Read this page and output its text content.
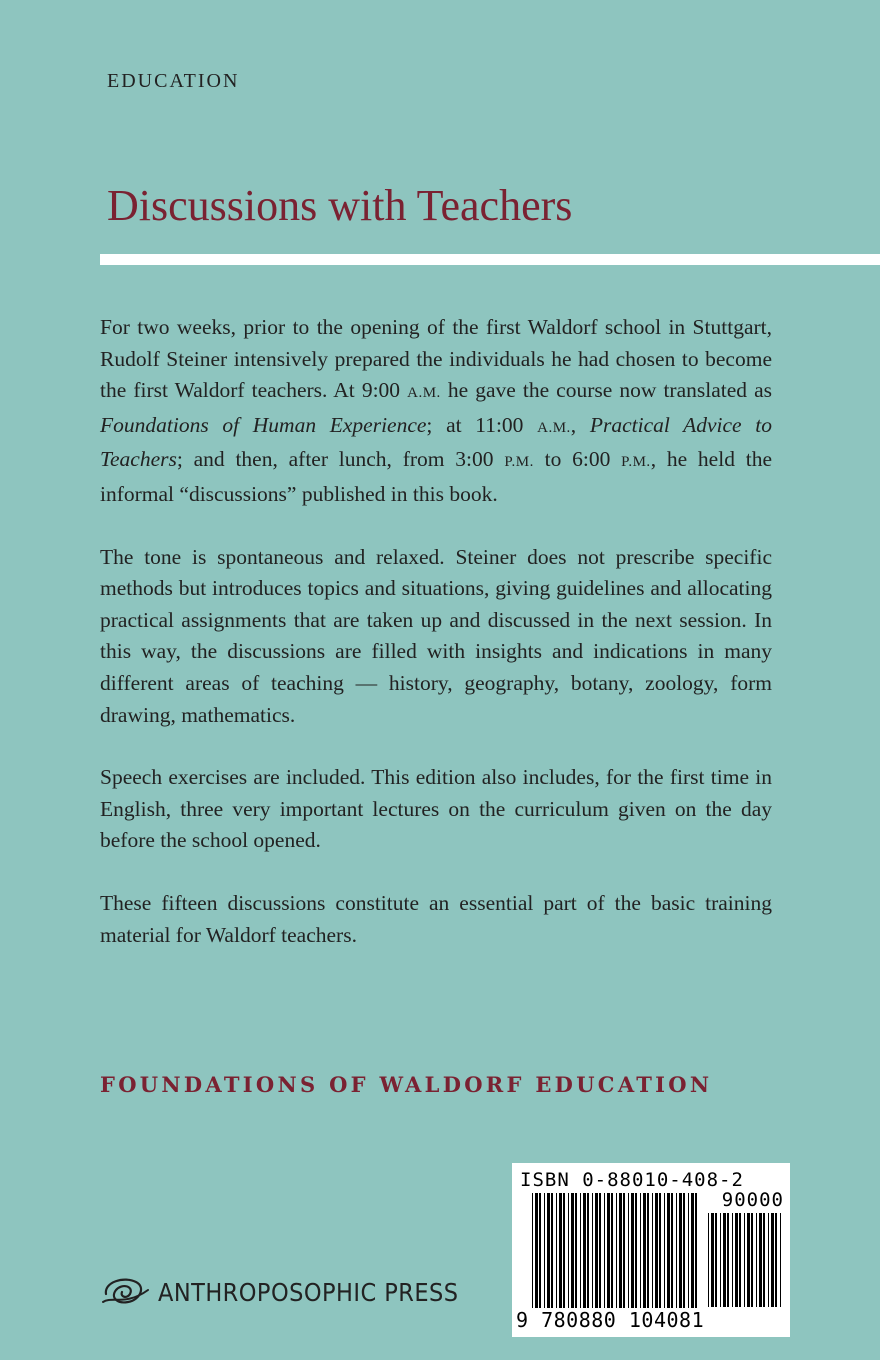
EDUCATION
Discussions with Teachers

For two weeks, prior to the opening of the first Waldorf school in Stuttgart, Rudolf Steiner intensively prepared the individuals he had chosen to become the first Waldorf teachers. At 9:00 A.M. he gave the course now translated as Foundations of Human Experience; at 11:00 A.M., Practical Advice to Teachers; and then, after lunch, from 3:00 P.M. to 6:00 P.M., he held the informal “discussions” published in this book.

The tone is spontaneous and relaxed. Steiner does not prescribe specific methods but introduces topics and situations, giving guidelines and allocating practical assignments that are taken up and discussed in the next session. In this way, the discussions are filled with insights and indications in many different areas of teaching — history, geography, botany, zoology, form drawing, mathematics.

Speech exercises are included. This edition also includes, for the first time in English, three very important lectures on the curriculum given on the day before the school opened.

These fifteen discussions constitute an essential part of the basic training material for Waldorf teachers.

FOUNDATIONS OF WALDORF EDUCATION
ANTHROPOSOPHIC PRESS
ISBN 0-88010-408-2
90000
9 780880 104081
